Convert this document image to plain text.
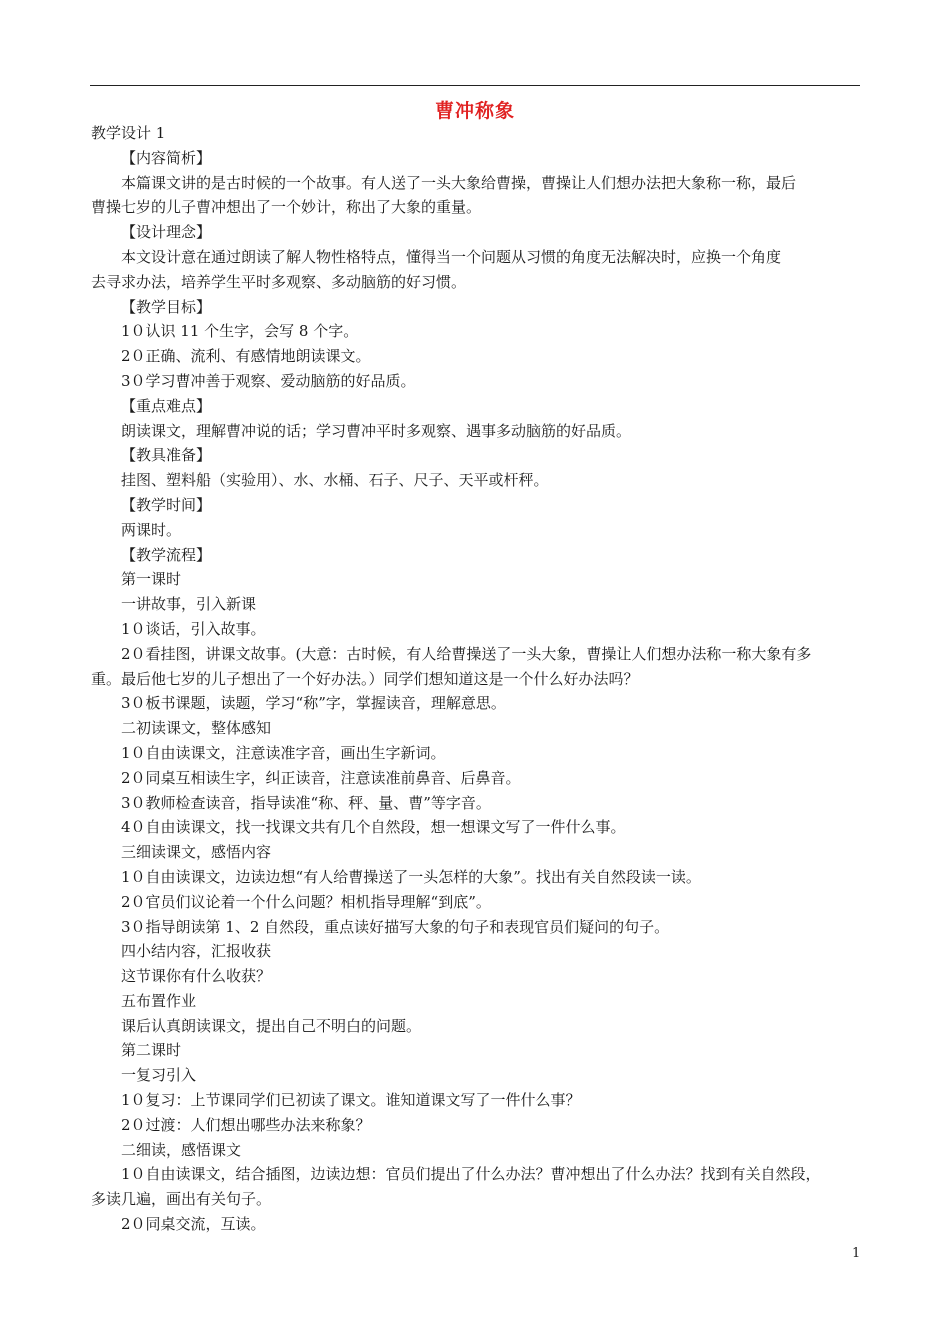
曹冲称象
教学设计 1
【内容简析】
本篇课文讲的是古时候的一个故事。有人送了一头大象给曹操，曹操让人们想办法把大象称一称，最后
曹操七岁的儿子曹冲想出了一个妙计，称出了大象的重量。
【设计理念】
本文设计意在通过朗读了解人物性格特点，懂得当一个问题从习惯的角度无法解决时，应换一个角度
去寻求办法，培养学生平时多观察、多动脑筋的好习惯。
【教学目标】
1０认识 11 个生字，会写 8 个字。
2０正确、流利、有感情地朗读课文。
3０学习曹冲善于观察、爱动脑筋的好品质。
【重点难点】
朗读课文，理解曹冲说的话；学习曹冲平时多观察、遇事多动脑筋的好品质。
【教具准备】
挂图、塑料船（实验用）、水、水桶、石子、尺子、天平或杆秤。
【教学时间】
两课时。
【教学流程】
第一课时
一讲故事，引入新课
1０谈话，引入故事。
2０看挂图，讲课文故事。(大意：古时候，有人给曹操送了一头大象，曹操让人们想办法称一称大象有多
重。最后他七岁的儿子想出了一个好办法。）同学们想知道这是一个什么好办法吗？
3０板书课题，读题，学习“称”字，掌握读音，理解意思。
二初读课文，整体感知
1０自由读课文，注意读准字音，画出生字新词。
2０同桌互相读生字，纠正读音，注意读准前鼻音、后鼻音。
3０教师检查读音，指导读准“称、秤、量、曹”等字音。
4０自由读课文，找一找课文共有几个自然段，想一想课文写了一件什么事。
三细读课文，感悟内容
1０自由读课文，边读边想“有人给曹操送了一头怎样的大象”。找出有关自然段读一读。
2０官员们议论着一个什么问题？相机指导理解“到底”。
3０指导朗读第 1、2 自然段，重点读好描写大象的句子和表现官员们疑问的句子。
四小结内容，汇报收获
这节课你有什么收获？
五布置作业
课后认真朗读课文，提出自己不明白的问题。
第二课时
一复习引入
1０复习：上节课同学们已初读了课文。谁知道课文写了一件什么事？
2０过渡：人们想出哪些办法来称象？
二细读，感悟课文
1０自由读课文，结合插图，边读边想：官员们提出了什么办法？曹冲想出了什么办法？找到有关自然段，
多读几遍，画出有关句子。
2０同桌交流，互读。
1
